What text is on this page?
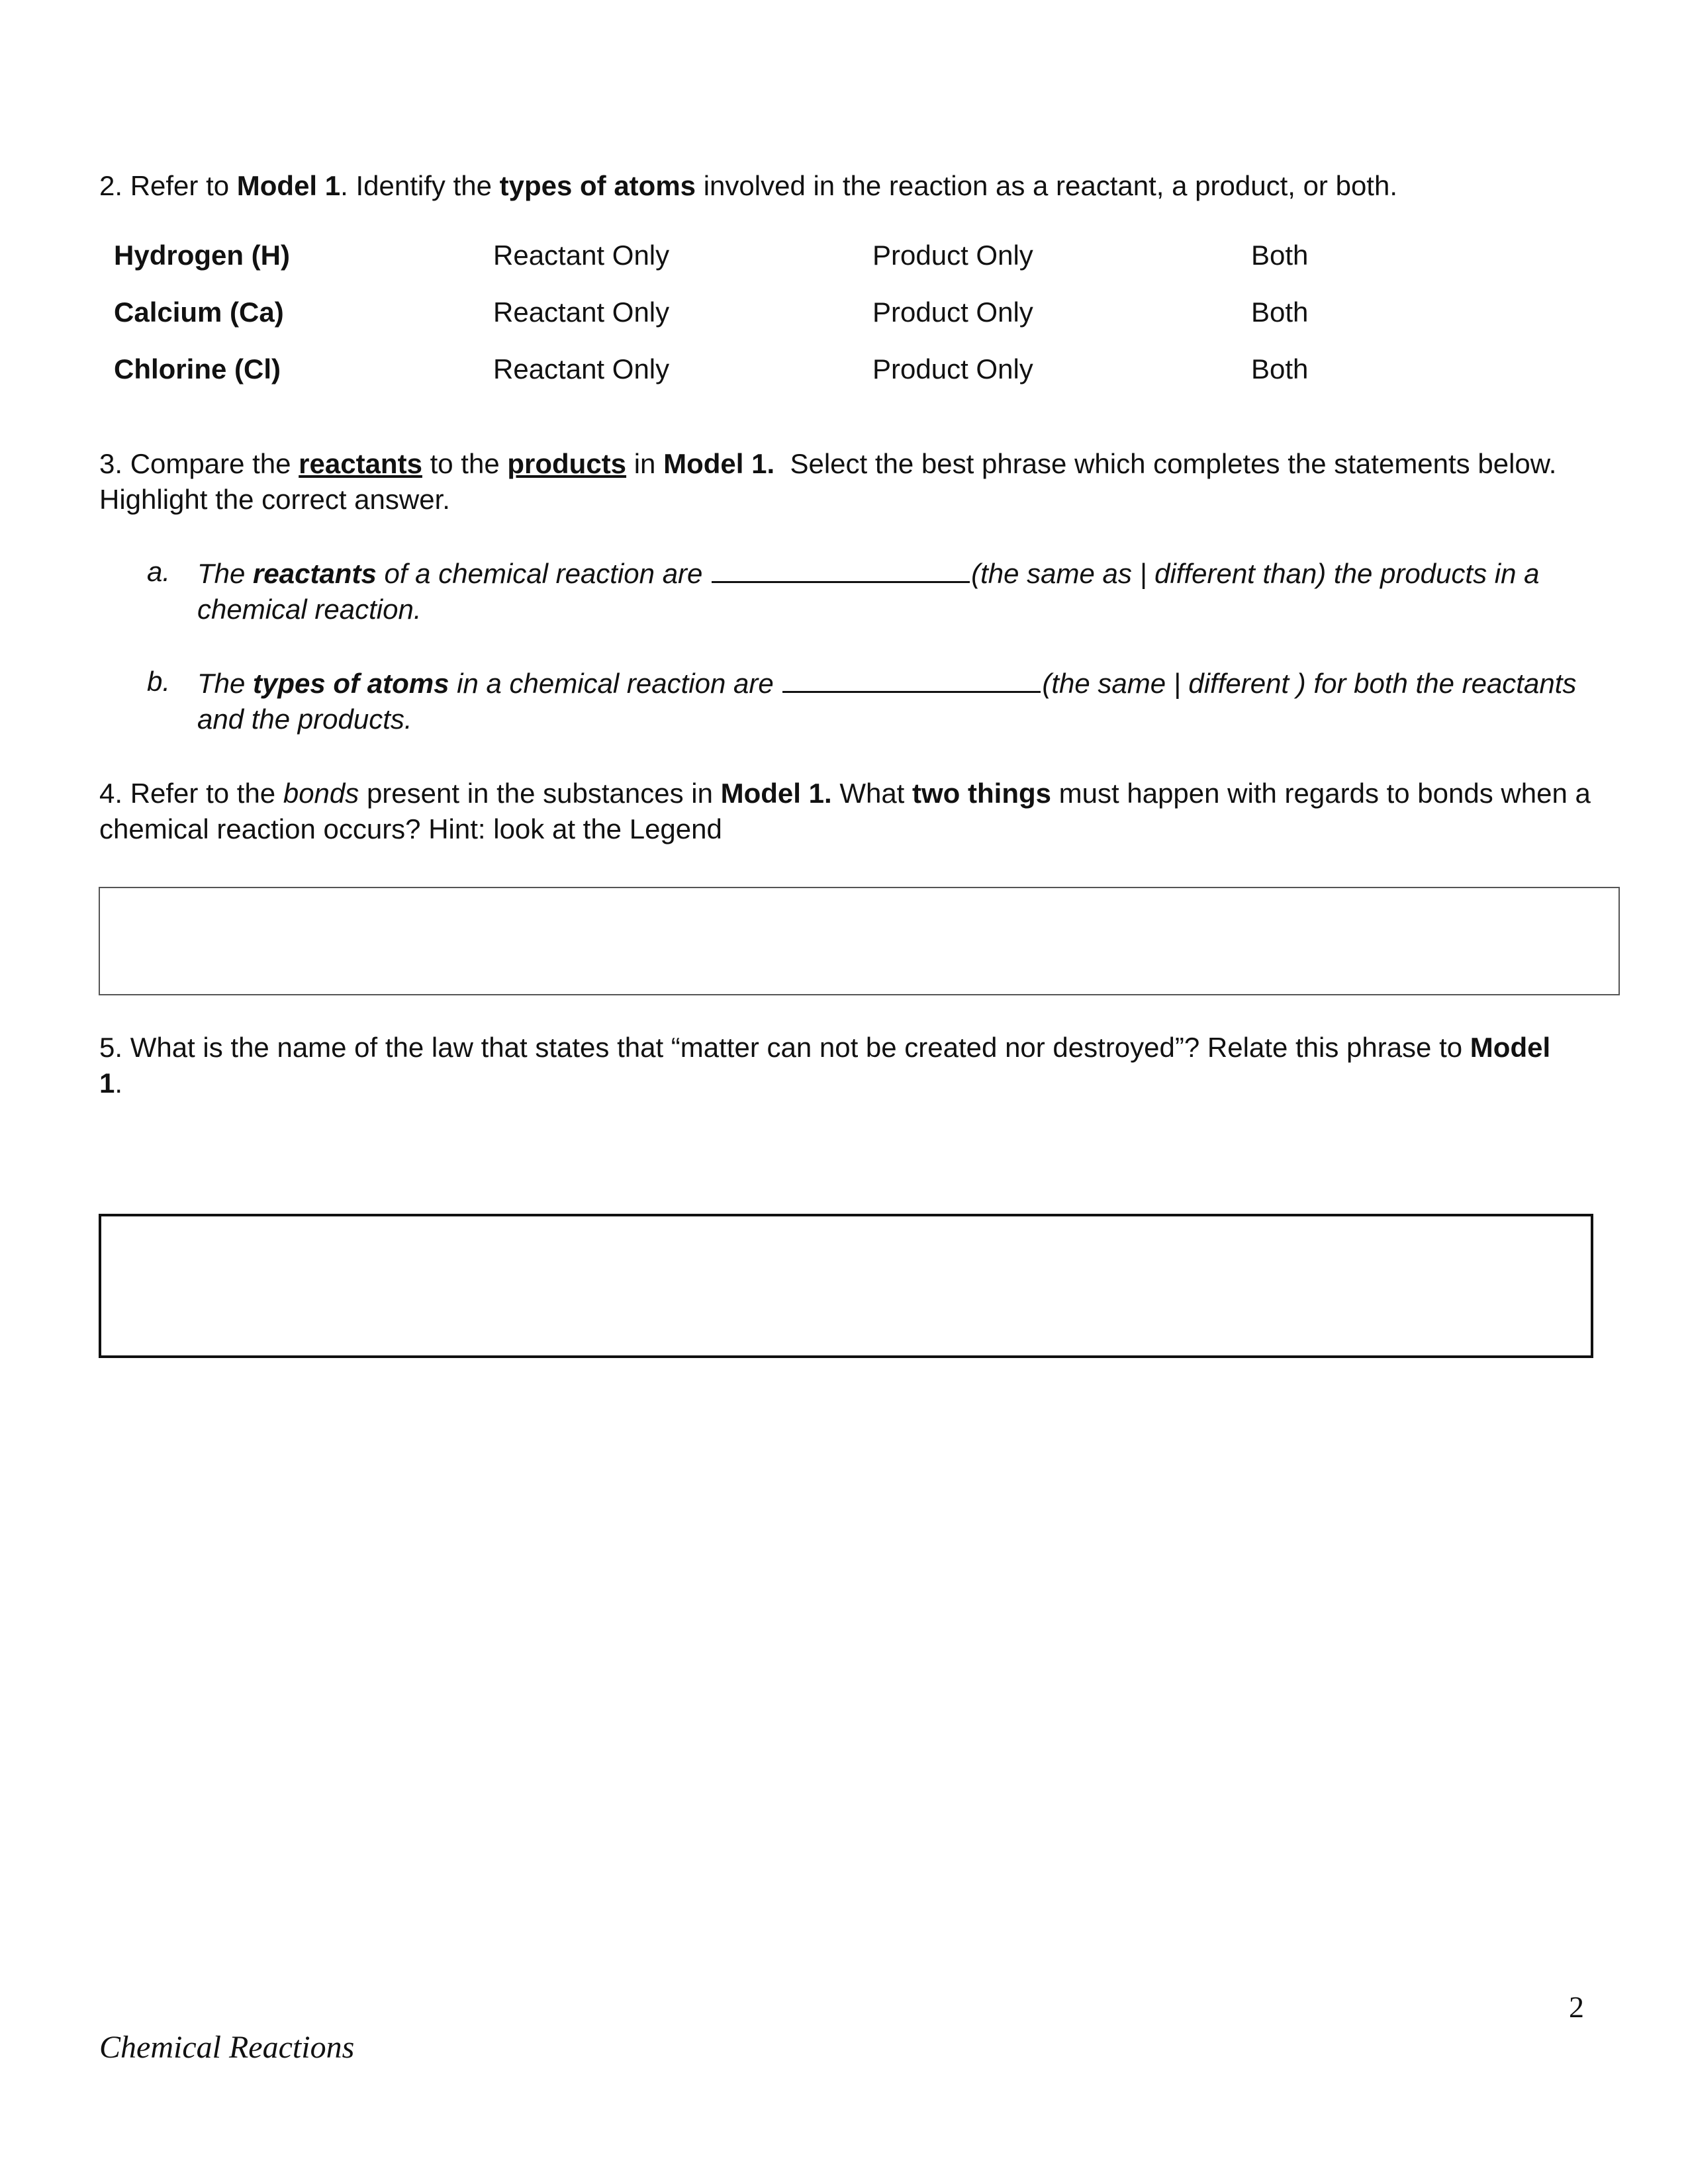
2. Refer to Model 1. Identify the types of atoms involved in the reaction as a reactant, a product, or both.
Hydrogen (H)	Reactant Only	Product Only	Both
Calcium (Ca)	Reactant Only	Product Only	Both
Chlorine (Cl)	Reactant Only	Product Only	Both
3. Compare the reactants to the products in Model 1. Select the best phrase which completes the statements below.
Highlight the correct answer.
a. The reactants of a chemical reaction are	(the same as | different than) the products in a
chemical reaction.
b. The types of atoms in a chemical reaction are	(the same | different ) for both the reactants
and the products.
4. Refer to the bonds present in the substances in Model 1. What two things must happen with regards to bonds when a
chemical reaction occurs? Hint: look at the Legend
5. What is the name of the law that states that “matter can not be created nor destroyed”? Relate this phrase to Model
1.
2
Chemical Reactions
